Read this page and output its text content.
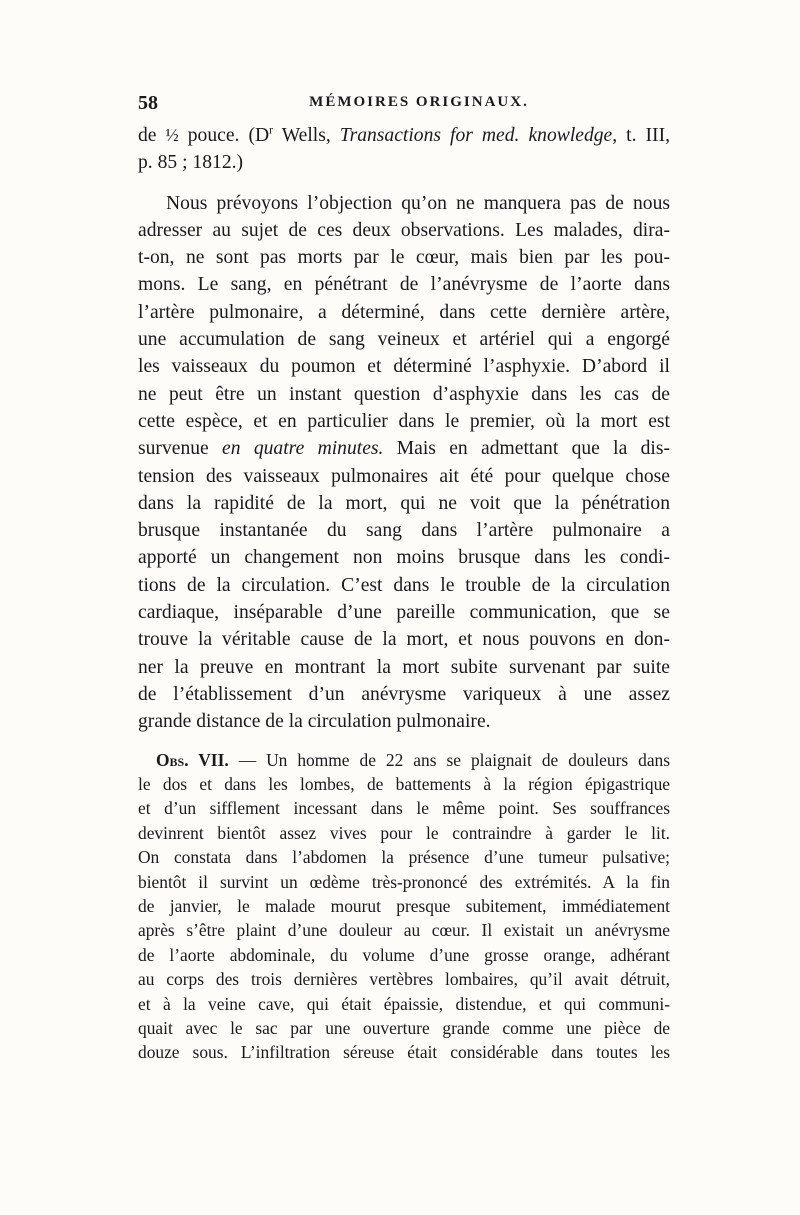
58	MÉMOIRES ORIGINAUX.
de ½ pouce. ($D^r$ Wells, Transactions for med. knowledge, t. III,
p. 85 ; 1812.)
Nous prévoyons l’objection qu’on ne manquera pas de nous
adresser au sujet de ces deux observations. Les malades, dira-
t-on, ne sont pas morts par le cœur, mais bien par les pou-
mons. Le sang, en pénétrant de l’anévrysme de l’aorte dans
l’artère pulmonaire, a déterminé, dans cette dernière artère,
une accumulation de sang veineux et artériel qui a engorgé
les vaisseaux du poumon et déterminé l’asphyxie. D’abord il
ne peut être un instant question d’asphyxie dans les cas de
cette espèce, et en particulier dans le premier, où la mort est
survenue en quatre minutes. Mais en admettant que la dis-
tension des vaisseaux pulmonaires ait été pour quelque chose
dans la rapidité de la mort, qui ne voit que la pénétration
brusque instantanée du sang dans l’artère pulmonaire a
apporté un changement non moins brusque dans les condi-
tions de la circulation. C’est dans le trouble de la circulation
cardiaque, inséparable d’une pareille communication, que se
trouve la véritable cause de la mort, et nous pouvons en don-
ner la preuve en montrant la mort subite survenant par suite
de l’établissement d’un anévrysme variqueux à une assez
grande distance de la circulation pulmonaire.
Obs. VII. — Un homme de 22 ans se plaignait de douleurs dans
le dos et dans les lombes, de battements à la région épigastrique
et d’un sifflement incessant dans le même point. Ses souffrances
devinrent bientôt assez vives pour le contraindre à garder le lit.
On constata dans l’abdomen la présence d’une tumeur pulsative;
bientôt il survint un œdème très-prononcé des extrémités. A la fin
de janvier, le malade mourut presque subitement, immédiatement
après s’être plaint d’une douleur au cœur. Il existait un anévrysme
de l’aorte abdominale, du volume d’une grosse orange, adhérant
au corps des trois dernières vertèbres lombaires, qu’il avait détruit,
et à la veine cave, qui était épaissie, distendue, et qui communi-
quait avec le sac par une ouverture grande comme une pièce de
douze sous. L’infiltration séreuse était considérable dans toutes les
